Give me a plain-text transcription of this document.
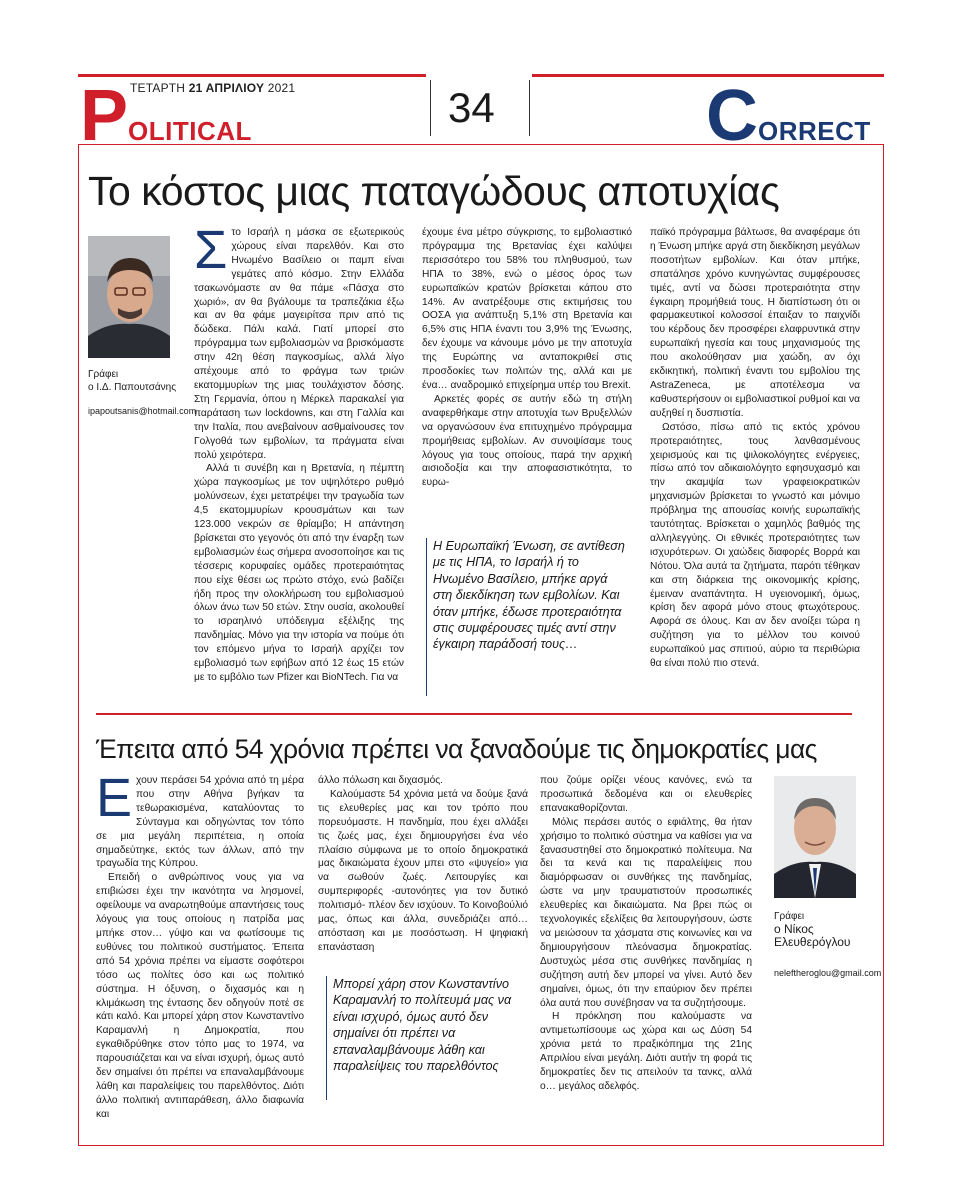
ΤΕΤΑΡΤΗ 21 ΑΠΡΙΛΙΟΥ 2021
POLITICAL	34	CORRECT
Το κόστος μιας παταγώδους αποτυχίας
Γράφει
ο Ι.Δ. Παπουτσάνης
ipapoutsanis@hotmail.com
Σ το Ισραήλ η μάσκα σε εξωτερικούς χώρους είναι παρελθόν. Και στο Ηνωμένο Βασίλειο οι παμπ είναι γεμάτες από κόσμο. Στην Ελλάδα τσακωνόμαστε αν θα πάμε «Πάσχα στο χωριό», αν θα βγάλουμε τα τραπεζάκια έξω και αν θα φάμε μαγειρίτσα πριν από τις δώδεκα. Πάλι καλά. Γιατί μπορεί στο πρόγραμμα των εμβολιασμών να βρισκόμαστε στην 42η θέση παγκοσμίως, αλλά λίγο απέχουμε από το φράγμα των τριών εκατομμυρίων της μιας τουλάχιστον δόσης. Στη Γερμανία, όπου η Μέρκελ παρακαλεί για παράταση των lockdowns, και στη Γαλλία και την Ιταλία, που ανεβαίνουν ασθμαίνουσες τον Γολγοθά των εμβολίων, τα πράγματα είναι πολύ χειρότερα.

Αλλά τι συνέβη και η Βρετανία, η πέμπτη χώρα παγκοσμίως με τον υψηλότερο ρυθμό μολύνσεων, έχει μετατρέψει την τραγωδία των 4,5 εκατομμυρίων κρουσμάτων και των 123.000 νεκρών σε θρίαμβο; Η απάντηση βρίσκεται στο γεγονός ότι από την έναρξη των εμβολιασμών έως σήμερα ανοσοποίησε και τις τέσσερις κορυφαίες ομάδες προτεραιότητας που είχε θέσει ως πρώτο στόχο, ενώ βαδίζει ήδη προς την ολοκλήρωση του εμβολιασμού όλων άνω των 50 ετών. Στην ουσία, ακολουθεί το ισραηλινό υπόδειγμα εξέλιξης της πανδημίας. Μόνο για την ιστορία να πούμε ότι τον επόμενο μήνα το Ισραήλ αρχίζει τον εμβολιασμό των εφήβων από 12 έως 15 ετών με το εμβόλιο των Pfizer και BioNTech. Για να

έχουμε ένα μέτρο σύγκρισης, το εμβολιαστικό πρόγραμμα της Βρετανίας έχει καλύψει περισσότερο του 58% του πληθυσμού, των ΗΠΑ το 38%, ενώ ο μέσος όρος των ευρωπαϊκών κρατών βρίσκεται κάπου στο 14%. Αν ανατρέξουμε στις εκτιμήσεις του ΟΟΣΑ για ανάπτυξη 5,1% στη Βρετανία και 6,5% στις ΗΠΑ έναντι του 3,9% της Ένωσης, δεν έχουμε να κάνουμε μόνο με την αποτυχία της Ευρώπης να ανταποκριθεί στις προσδοκίες των πολιτών της, αλλά και με ένα… αναδρομικό επιχείρημα υπέρ του Brexit.

Αρκετές φορές σε αυτήν εδώ τη στήλη αναφερθήκαμε στην αποτυχία των Βρυξελλών να οργανώσουν ένα επιτυχημένο πρόγραμμα προμήθειας εμβολίων. Αν συνοψίσαμε τους λόγους για τους οποίους, παρά την αρχική αισιοδοξία και την αποφασιστικότητα, το ευρω-

Η Ευρωπαϊκή Ένωση, σε αντίθεση με τις ΗΠΑ, το Ισραήλ ή το Ηνωμένο Βασίλειο, μπήκε αργά στη διεκδίκηση των εμβολίων. Και όταν μπήκε, έδωσε προτεραιότητα στις συμφέρουσες τιμές αντί στην έγκαιρη παράδοσή τους…

παϊκό πρόγραμμα βάλτωσε, θα αναφέραμε ότι η Ένωση μπήκε αργά στη διεκδίκηση μεγάλων ποσοτήτων εμβολίων. Και όταν μπήκε, σπατάλησε χρόνο κυνηγώντας συμφέρουσες τιμές, αντί να δώσει προτεραιότητα στην έγκαιρη προμήθειά τους. Η διαπίστωση ότι οι φαρμακευτικοί κολοσσοί έπαιξαν το παιχνίδι του κέρδους δεν προσφέρει ελαφρυντικά στην ευρωπαϊκή ηγεσία και τους μηχανισμούς της που ακολούθησαν μια χαώδη, αν όχι εκδικητική, πολιτική έναντι του εμβολίου της AstraZeneca, με αποτέλεσμα να καθυστερήσουν οι εμβολιαστικοί ρυθμοί και να αυξηθεί η δυσπιστία.

Ωστόσο, πίσω από τις εκτός χρόνου προτεραιότητες, τους λανθασμένους χειρισμούς και τις ψιλοκολόγητες ενέργειες, πίσω από τον αδικαιολόγητο εφησυχασμό και την ακαμψία των γραφειοκρατικών μηχανισμών βρίσκεται το γνωστό και μόνιμο πρόβλημα της απουσίας κοινής ευρωπαϊκής ταυτότητας. Βρίσκεται ο χαμηλός βαθμός της αλληλεγγύης. Οι εθνικές προτεραιότητες των ισχυρότερων. Οι χαώδεις διαφορές Βορρά και Νότου. Όλα αυτά τα ζητήματα, παρότι τέθηκαν και στη διάρκεια της οικονομικής κρίσης, έμειναν αναπάντητα. Η υγειονομική, όμως, κρίση δεν αφορά μόνο στους φτωχότερους. Αφορά σε όλους. Και αν δεν ανοίξει τώρα η συζήτηση για το μέλλον του κοινού ευρωπαϊκού μας σπιτιού, αύριο τα περιθώρια θα είναι πολύ πιο στενά.

Έπειτα από 54 χρόνια πρέπει να ξαναδούμε τις δημοκρατίες μας
Ε χουν περάσει 54 χρόνια από τη μέρα που στην Αθήνα βγήκαν τα τεθωρακισμένα, καταλύοντας το Σύνταγμα και οδηγώντας τον τόπο σε μια μεγάλη περιπέτεια, η οποία σημαδεύτηκε, εκτός των άλλων, από την τραγωδία της Κύπρου.

Επειδή ο ανθρώπινος νους για να επιβιώσει έχει την ικανότητα να λησμονεί, οφείλουμε να αναρωτηθούμε απαντήσεις τους λόγους για τους οποίους η πατρίδα μας μπήκε στον… γύψο και να φωτίσουμε τις ευθύνες του πολιτικού συστήματος. Έπειτα από 54 χρόνια πρέπει να είμαστε σοφότεροι τόσο ως πολίτες όσο και ως πολιτικό σύστημα. Η όξυνση, ο διχασμός και η κλιμάκωση της έντασης δεν οδηγούν ποτέ σε κάτι καλό. Και μπορεί χάρη στον Κωνσταντίνο Καραμανλή η Δημοκρατία, που εγκαθιδρύθηκε στον τόπο μας το 1974, να παρουσιάζεται και να είναι ισχυρή, όμως αυτό δεν σημαίνει ότι πρέπει να επαναλαμβάνουμε λάθη και παραλείψεις του παρελθόντος. Διότι άλλο πολιτική αντιπαράθεση, άλλο διαφωνία και

άλλο πόλωση και διχασμός.

Καλούμαστε 54 χρόνια μετά να δούμε ξανά τις ελευθερίες μας και τον τρόπο που πορευόμαστε. Η πανδημία, που έχει αλλάξει τις ζωές μας, έχει δημιουργήσει ένα νέο πλαίσιο σύμφωνα με το οποίο δημοκρατικά μας δικαιώματα έχουν μπει στο «ψυγείο» για να σωθούν ζωές. Λειτουργίες και συμπεριφορές -αυτονόητες για τον δυτικό πολιτισμό- πλέον δεν ισχύουν. Το Κοινοβούλιό μας, όπως και άλλα, συνεδριάζει από… απόσταση και με ποσόστωση. Η ψηφιακή επανάσταση

Μπορεί χάρη στον Κωνσταντίνο Καραμανλή το πολίτευμά μας να είναι ισχυρό, όμως αυτό δεν σημαίνει ότι πρέπει να επαναλαμβάνουμε λάθη και παραλείψεις του παρελθόντος

που ζούμε ορίζει νέους κανόνες, ενώ τα προσωπικά δεδομένα και οι ελευθερίες επανακαθορίζονται.

Μόλις περάσει αυτός ο εφιάλτης, θα ήταν χρήσιμο το πολιτικό σύστημα να καθίσει για να ξανασυστηθεί στο δημοκρατικό πολίτευμα. Να δει τα κενά και τις παραλείψεις που διαμόρφωσαν οι συνθήκες της πανδημίας, ώστε να μην τραυματιστούν προσωπικές ελευθερίες και δικαιώματα. Να βρει πώς οι τεχνολογικές εξελίξεις θα λειτουργήσουν, ώστε να μειώσουν τα χάσματα στις κοινωνίες και να δημιουργήσουν πλεόνασμα δημοκρατίας. Δυστυχώς μέσα στις συνθήκες πανδημίας η συζήτηση αυτή δεν μπορεί να γίνει. Αυτό δεν σημαίνει, όμως, ότι την επαύριον δεν πρέπει όλα αυτά που συνέβησαν να τα συζητήσουμε.

Η πρόκληση που καλούμαστε να αντιμετωπίσουμε ως χώρα και ως Δύση 54 χρόνια μετά το πραξικόπημα της 21ης Απριλίου είναι μεγάλη. Διότι αυτήν τη φορά τις δημοκρατίες δεν τις απειλούν τα τανκς, αλλά ο… μεγάλος αδελφός.

Γράφει
ο Νίκος
Ελευθερόγλου
neleftheroglou@gmail.com
